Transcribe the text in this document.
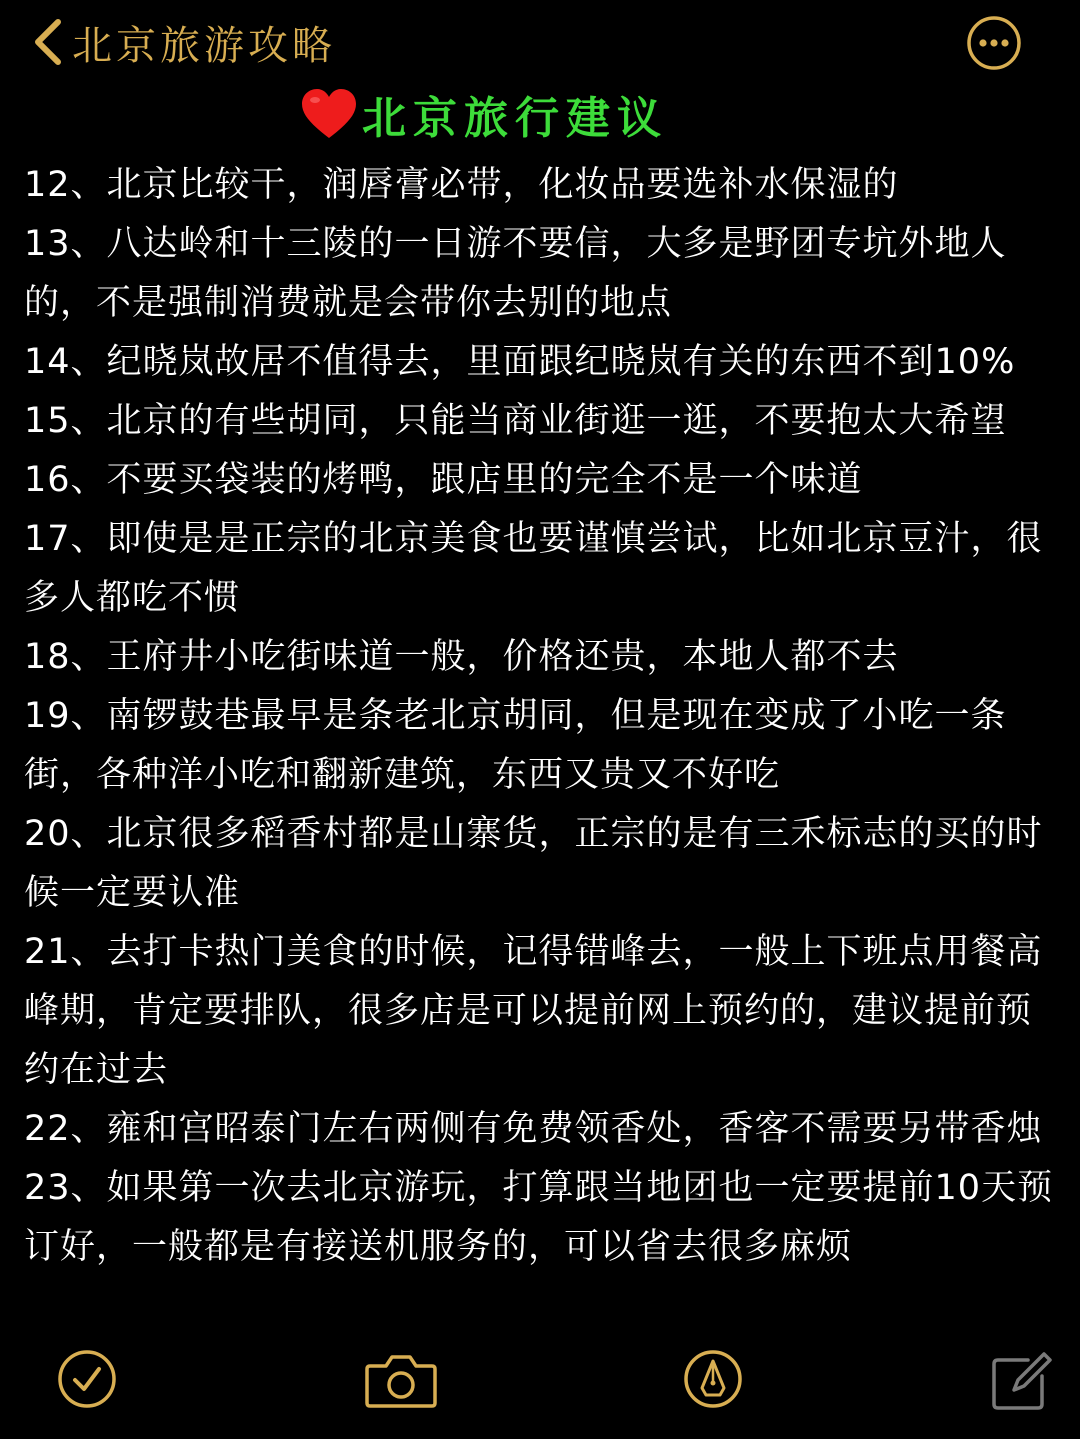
北京旅游攻略
北京旅行建议

12、北京比较干，润唇膏必带，化妆品要选补水保湿的

13、八达岭和十三陵的一日游不要信，大多是野团专坑外地人的，不是强制消费就是会带你去别的地点

14、纪晓岚故居不值得去，里面跟纪晓岚有关的东西不到10%

15、北京的有些胡同，只能当商业街逛一逛，不要抱太大希望

16、不要买袋装的烤鸭，跟店里的完全不是一个味道

17、即使是是正宗的北京美食也要谨慎尝试，比如北京豆汁，很多人都吃不惯

18、王府井小吃街味道一般，价格还贵，本地人都不去

19、南锣鼓巷最早是条老北京胡同，但是现在变成了小吃一条街，各种洋小吃和翻新建筑，东西又贵又不好吃

20、北京很多稻香村都是山寨货，正宗的是有三禾标志的买的时候一定要认准

21、去打卡热门美食的时候，记得错峰去，一般上下班点用餐高峰期，肯定要排队，很多店是可以提前网上预约的，建议提前预约在过去

22、雍和宫昭泰门左右两侧有免费领香处，香客不需要另带香烛

23、如果第一次去北京游玩，打算跟当地团也一定要提前10天预订好，一般都是有接送机服务的，可以省去很多麻烦
